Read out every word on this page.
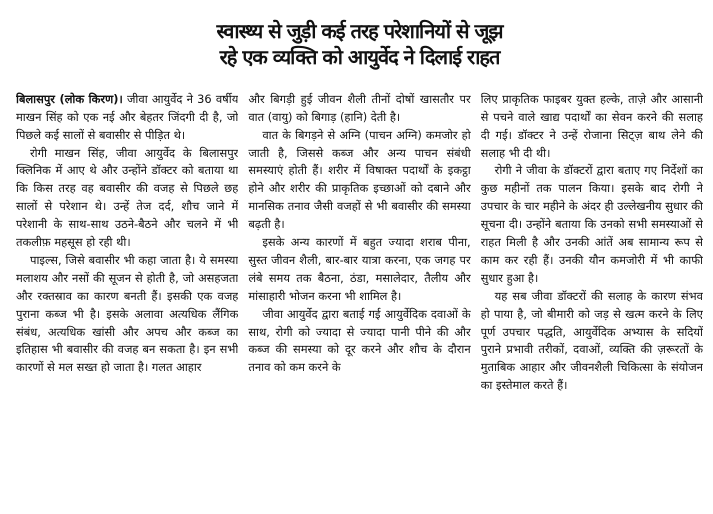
स्वास्थ्य से जुड़ी कई तरह परेशानियों से जूझ
रहे एक व्यक्ति को आयुर्वेद ने दिलाई राहत

बिलासपुर (लोक किरण)। जीवा आयुर्वेद ने 36 वर्षीय माखन सिंह को एक नई और बेहतर जिंदगी दी है, जो पिछले कई सालों से बवासीर से पीड़ित थे।

रोगी माखन सिंह, जीवा आयुर्वेद के बिलासपुर क्लिनिक में आए थे और उन्होंने डॉक्टर को बताया था कि किस तरह वह बवासीर की वजह से पिछले छह सालों से परेशान थे। उन्हें तेज दर्द, शौच जाने में परेशानी के साथ-साथ उठने-बैठने और चलने में भी तकलीफ़ महसूस हो रही थी।

पाइल्स, जिसे बवासीर भी कहा जाता है। ये समस्या मलाशय और नसों की सूजन से होती है, जो असहजता और रक्तस्राव का कारण बनती हैं। इसकी एक वजह पुराना कब्ज भी है। इसके अलावा अत्यधिक लैंगिक संबंध, अत्यधिक खांसी और अपच और कब्ज का इतिहास भी बवासीर की वजह बन सकता है। इन सभी कारणों से मल सख्त हो जाता है। गलत आहार

और बिगड़ी हुई जीवन शैली तीनों दोषों खासतौर पर वात (वायु) को बिगाड़ (हानि) देती है।

वात के बिगड़ने से अग्नि (पाचन अग्नि) कमजोर हो जाती है, जिससे कब्ज और अन्य पाचन संबंधी समस्याएं होती हैं। शरीर में विषाक्त पदार्थों के इकट्ठा होने और शरीर की प्राकृतिक इच्छाओं को दबाने और मानसिक तनाव जैसी वजहों से भी बवासीर की समस्या बढ़ती है।

इसके अन्य कारणों में बहुत ज्यादा शराब पीना, सुस्त जीवन शैली, बार-बार यात्रा करना, एक जगह पर लंबे समय तक बैठना, ठंडा, मसालेदार, तैलीय और मांसाहारी भोजन करना भी शामिल है।

जीवा आयुर्वेद द्वारा बताई गई आयुर्वेदिक दवाओं के साथ, रोगी को ज्यादा से ज्यादा पानी पीने की और कब्ज की समस्या को दूर करने और शौच के दौरान तनाव को कम करने के

लिए प्राकृतिक फाइबर युक्त हल्के, ताज़े और आसानी से पचने वाले खाद्य पदार्थों का सेवन करने की सलाह दी गई। डॉक्टर ने उन्हें रोजाना सिट्ज़ बाथ लेने की सलाह भी दी थी।

रोगी ने जीवा के डॉक्टरों द्वारा बताए गए निर्देशों का कुछ महीनों तक पालन किया। इसके बाद रोगी ने उपचार के चार महीने के अंदर ही उल्लेखनीय सुधार की सूचना दी। उन्होंने बताया कि उनको सभी समस्याओं से राहत मिली है और उनकी आंतें अब सामान्य रूप से काम कर रही हैं। उनकी यौन कमजोरी में भी काफी सुधार हुआ है।

यह सब जीवा डॉक्टरों की सलाह के कारण संभव हो पाया है, जो बीमारी को जड़ से खत्म करने के लिए पूर्ण उपचार पद्धति, आयुर्वेदिक अभ्यास के सदियों पुराने प्रभावी तरीकों, दवाओं, व्यक्ति की ज़रूरतों के मुताबिक आहार और जीवनशैली चिकित्सा के संयोजन का इस्तेमाल करते हैं।
